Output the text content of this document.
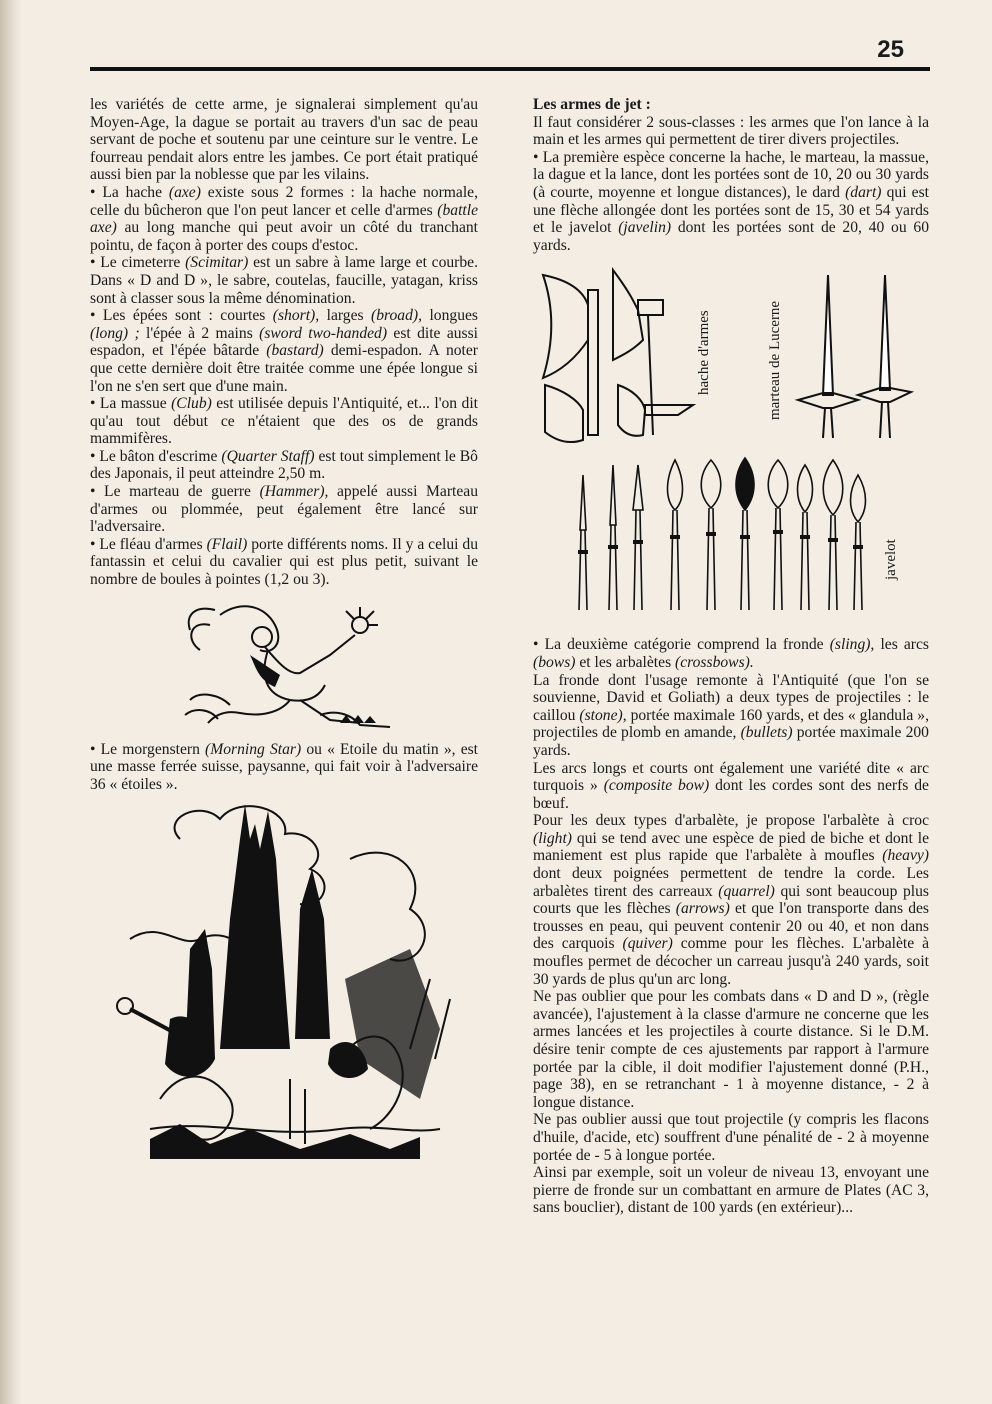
25

les variétés de cette arme, je signalerai simplement qu'au Moyen-Age, la dague se portait au travers d'un sac de peau servant de poche et soutenu par une ceinture sur le ventre. Le fourreau pendait alors entre les jambes. Ce port était pratiqué aussi bien par la noblesse que par les vilains.

• La hache (axe) existe sous 2 formes : la hache normale, celle du bûcheron que l'on peut lancer et celle d'armes (battle axe) au long manche qui peut avoir un côté du tranchant pointu, de façon à porter des coups d'estoc.

• Le cimeterre (Scimitar) est un sabre à lame large et courbe. Dans « D and D », le sabre, coutelas, faucille, yatagan, kriss sont à classer sous la même dénomination.

• Les épées sont : courtes (short), larges (broad), longues (long) ; l'épée à 2 mains (sword two-handed) est dite aussi espadon, et l'épée bâtarde (bastard) demi-espadon. A noter que cette dernière doit être traitée comme une épée longue si l'on ne s'en sert que d'une main.

• La massue (Club) est utilisée depuis l'Antiquité, et... l'on dit qu'au tout début ce n'étaient que des os de grands mammifères.

• Le bâton d'escrime (Quarter Staff) est tout simplement le Bô des Japonais, il peut atteindre 2,50 m.

• Le marteau de guerre (Hammer), appelé aussi Marteau d'armes ou plommée, peut également être lancé sur l'adversaire.

• Le fléau d'armes (Flail) porte différents noms. Il y a celui du fantassin et celui du cavalier qui est plus petit, suivant le nombre de boules à pointes (1,2 ou 3).

• Le morgenstern (Morning Star) ou « Etoile du matin », est une masse ferrée suisse, paysanne, qui fait voir à l'adversaire 36 « étoiles ».

Les armes de jet :

Il faut considérer 2 sous-classes : les armes que l'on lance à la main et les armes qui permettent de tirer divers projectiles.

• La première espèce concerne la hache, le marteau, la massue, la dague et la lance, dont les portées sont de 10, 20 ou 30 yards (à courte, moyenne et longue distances), le dard (dart) qui est une flèche allongée dont les portées sont de 15, 30 et 54 yards et le javelot (javelin) dont les portées sont de 20, 40 ou 60 yards.

hache d'armes	marteau de Lucerne
javelot

• La deuxième catégorie comprend la fronde (sling), les arcs (bows) et les arbalètes (crossbows).

La fronde dont l'usage remonte à l'Antiquité (que l'on se souvienne, David et Goliath) a deux types de projectiles : le caillou (stone), portée maximale 160 yards, et des « glandula », projectiles de plomb en amande, (bullets) portée maximale 200 yards.

Les arcs longs et courts ont également une variété dite « arc turquois » (composite bow) dont les cordes sont des nerfs de bœuf.

Pour les deux types d'arbalète, je propose l'arbalète à croc (light) qui se tend avec une espèce de pied de biche et dont le maniement est plus rapide que l'arbalète à moufles (heavy) dont deux poignées permettent de tendre la corde. Les arbalètes tirent des carreaux (quarrel) qui sont beaucoup plus courts que les flèches (arrows) et que l'on transporte dans des trousses en peau, qui peuvent contenir 20 ou 40, et non dans des carquois (quiver) comme pour les flèches. L'arbalète à moufles permet de décocher un carreau jusqu'à 240 yards, soit 30 yards de plus qu'un arc long.

Ne pas oublier que pour les combats dans « D and D », (règle avancée), l'ajustement à la classe d'armure ne concerne que les armes lancées et les projectiles à courte distance. Si le D.M. désire tenir compte de ces ajustements par rapport à l'armure portée par la cible, il doit modifier l'ajustement donné (P.H., page 38), en se retranchant - 1 à moyenne distance, - 2 à longue distance.

Ne pas oublier aussi que tout projectile (y compris les flacons d'huile, d'acide, etc) souffrent d'une pénalité de - 2 à moyenne portée de - 5 à longue portée.

Ainsi par exemple, soit un voleur de niveau 13, envoyant une pierre de fronde sur un combattant en armure de Plates (AC 3, sans bouclier), distant de 100 yards (en extérieur)...
